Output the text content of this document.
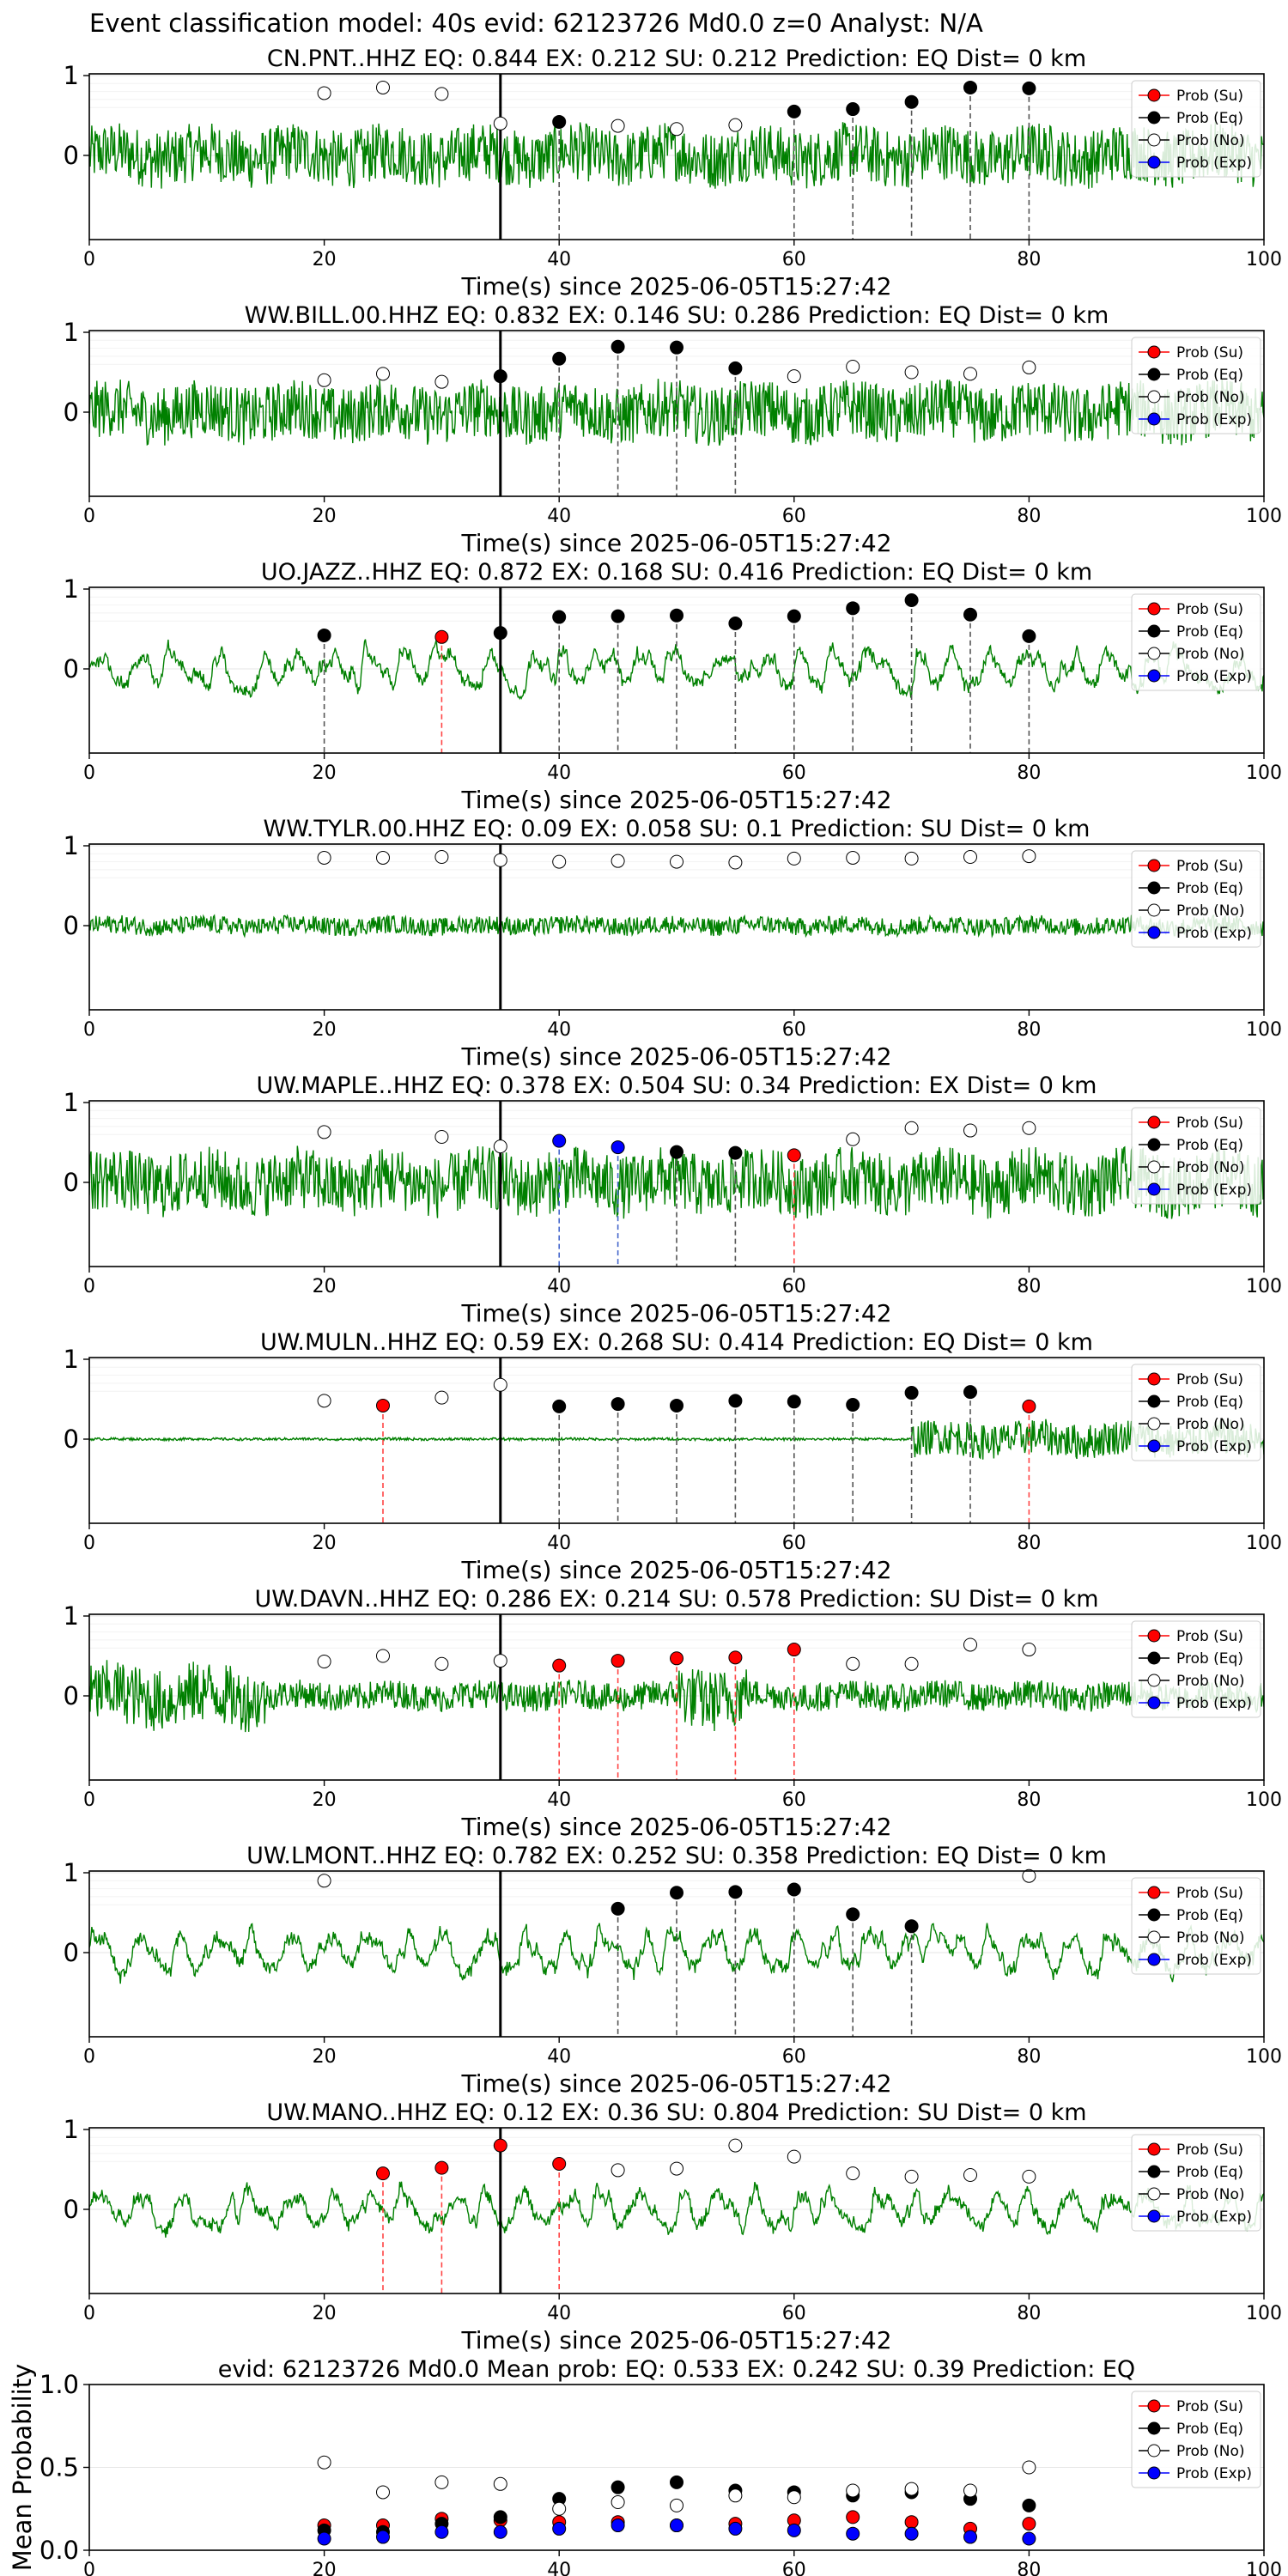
Event classification model: 40s evid: 62123726 Md0.0 z=0 Analyst: N/A
CN.PNT..HHZ EQ: 0.844 EX: 0.212 SU: 0.212 Prediction: EQ Dist= 0 km
1
0
0	20	40	60	80	100
Time(s) since 2025-06-05T15:27:42
Prob (Su)
Prob (Eq)
Prob (No)
Prob (Exp)
WW.BILL.00.HHZ EQ: 0.832 EX: 0.146 SU: 0.286 Prediction: EQ Dist= 0 km
1
0
0	20	40	60	80	100
Time(s) since 2025-06-05T15:27:42
Prob (Su)
Prob (Eq)
Prob (No)
Prob (Exp)
UO.JAZZ..HHZ EQ: 0.872 EX: 0.168 SU: 0.416 Prediction: EQ Dist= 0 km
1
0
0	20	40	60	80	100
Time(s) since 2025-06-05T15:27:42
Prob (Su)
Prob (Eq)
Prob (No)
Prob (Exp)
WW.TYLR.00.HHZ EQ: 0.09 EX: 0.058 SU: 0.1 Prediction: SU Dist= 0 km
1
0
0	20	40	60	80	100
Time(s) since 2025-06-05T15:27:42
Prob (Su)
Prob (Eq)
Prob (No)
Prob (Exp)
UW.MAPLE..HHZ EQ: 0.378 EX: 0.504 SU: 0.34 Prediction: EX Dist= 0 km
1
0
0	20	40	60	80	100
Time(s) since 2025-06-05T15:27:42
Prob (Su)
Prob (Eq)
Prob (No)
Prob (Exp)
UW.MULN..HHZ EQ: 0.59 EX: 0.268 SU: 0.414 Prediction: EQ Dist= 0 km
1
0
0	20	40	60	80	100
Time(s) since 2025-06-05T15:27:42
Prob (Su)
Prob (Eq)
Prob (No)
Prob (Exp)
UW.DAVN..HHZ EQ: 0.286 EX: 0.214 SU: 0.578 Prediction: SU Dist= 0 km
1
0
0	20	40	60	80	100
Time(s) since 2025-06-05T15:27:42
Prob (Su)
Prob (Eq)
Prob (No)
Prob (Exp)
UW.LMONT..HHZ EQ: 0.782 EX: 0.252 SU: 0.358 Prediction: EQ Dist= 0 km
1
0
0	20	40	60	80	100
Time(s) since 2025-06-05T15:27:42
Prob (Su)
Prob (Eq)
Prob (No)
Prob (Exp)
UW.MANO..HHZ EQ: 0.12 EX: 0.36 SU: 0.804 Prediction: SU Dist= 0 km
1
0
0	20	40	60	80	100
Time(s) since 2025-06-05T15:27:42
Prob (Su)
Prob (Eq)
Prob (No)
Prob (Exp)
evid: 62123726 Md0.0 Mean prob: EQ: 0.533 EX: 0.242 SU: 0.39 Prediction: EQ
1.0
0.5
0.0
0	20	40	60	80	100
Mean Probability	Prob (Su)
Prob (Eq)
Prob (No)
Prob (Exp)
